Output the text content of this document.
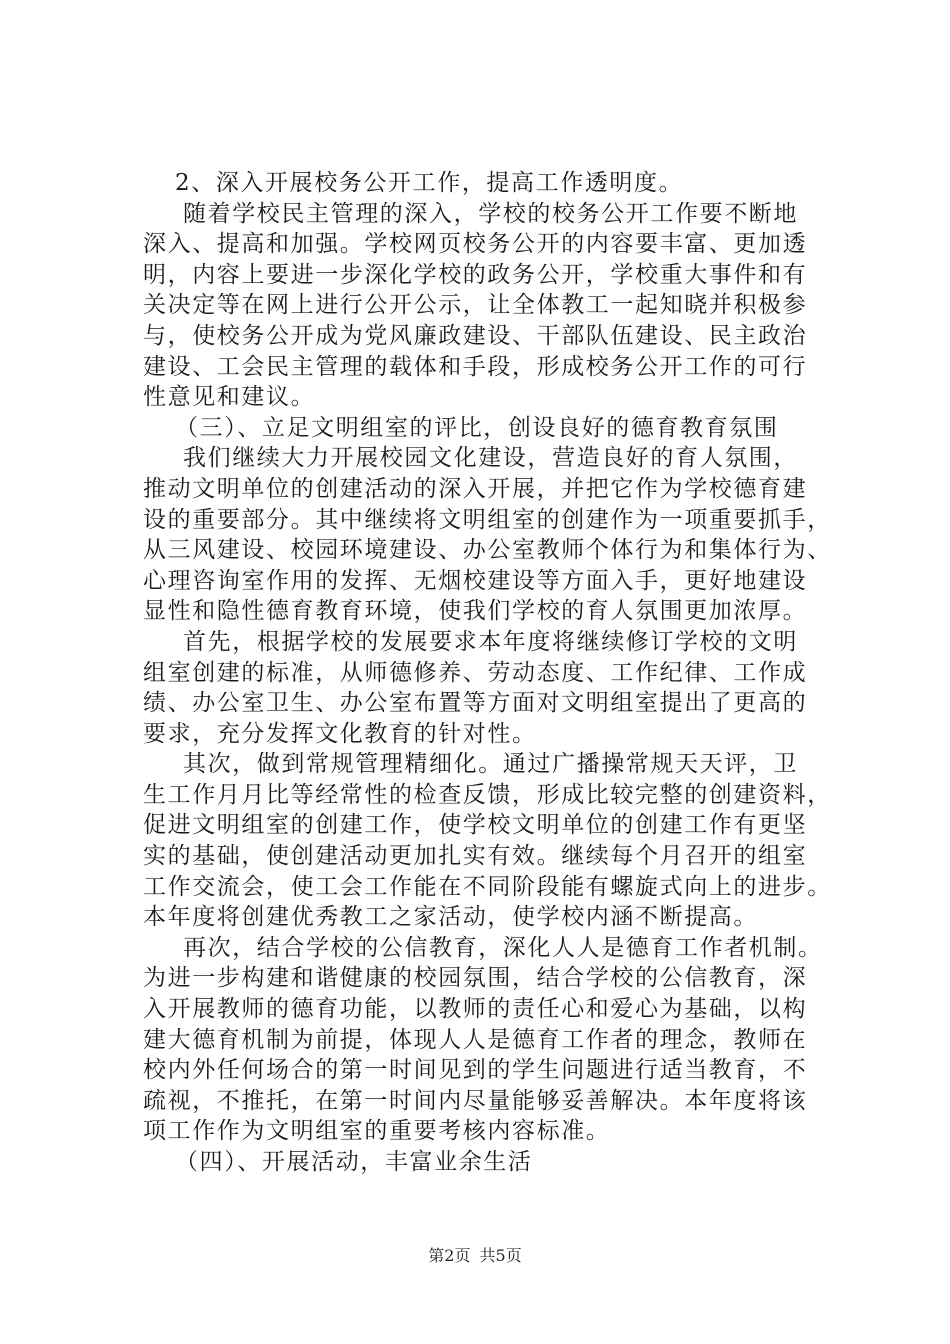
2、深入开展校务公开工作，提高工作透明度。
随着学校民主管理的深入，学校的校务公开工作要不断地
深入、提高和加强。学校网页校务公开的内容要丰富、更加透
明，内容上要进一步深化学校的政务公开，学校重大事件和有
关决定等在网上进行公开公示，让全体教工一起知晓并积极参
与，使校务公开成为党风廉政建设、干部队伍建设、民主政治
建设、工会民主管理的载体和手段，形成校务公开工作的可行
性意见和建议。
（三）、立足文明组室的评比，创设良好的德育教育氛围
我们继续大力开展校园文化建设，营造良好的育人氛围，
推动文明单位的创建活动的深入开展，并把它作为学校德育建
设的重要部分。其中继续将文明组室的创建作为一项重要抓手，
从三风建设、校园环境建设、办公室教师个体行为和集体行为、
心理咨询室作用的发挥、无烟校建设等方面入手，更好地建设
显性和隐性德育教育环境，使我们学校的育人氛围更加浓厚。
首先，根据学校的发展要求本年度将继续修订学校的文明
组室创建的标准，从师德修养、劳动态度、工作纪律、工作成
绩、办公室卫生、办公室布置等方面对文明组室提出了更高的
要求，充分发挥文化教育的针对性。
其次，做到常规管理精细化。通过广播操常规天天评，卫
生工作月月比等经常性的检查反馈，形成比较完整的创建资料，
促进文明组室的创建工作，使学校文明单位的创建工作有更坚
实的基础，使创建活动更加扎实有效。继续每个月召开的组室
工作交流会，使工会工作能在不同阶段能有螺旋式向上的进步。
本年度将创建优秀教工之家活动，使学校内涵不断提高。
再次，结合学校的公信教育，深化人人是德育工作者机制。
为进一步构建和谐健康的校园氛围，结合学校的公信教育，深
入开展教师的德育功能，以教师的责任心和爱心为基础，以构
建大德育机制为前提，体现人人是德育工作者的理念，教师在
校内外任何场合的第一时间见到的学生问题进行适当教育，不
疏视，不推托，在第一时间内尽量能够妥善解决。本年度将该
项工作作为文明组室的重要考核内容标准。
（四）、开展活动，丰富业余生活
第2页 共5页
